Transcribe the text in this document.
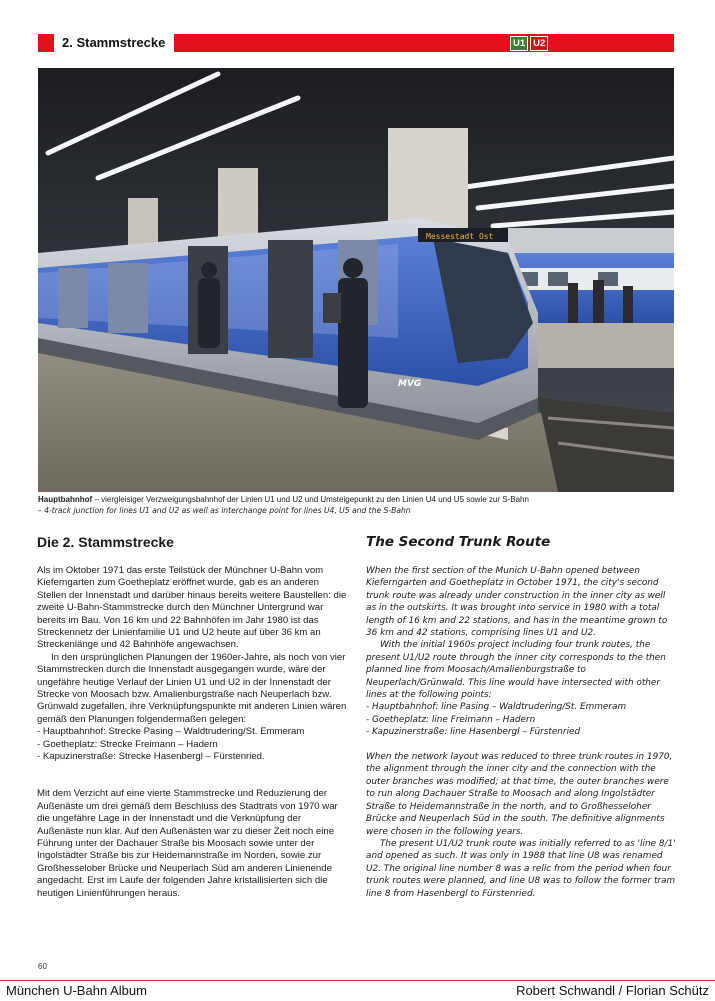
2. Stammstrecke	U1 U2
Messestadt Ost
MVG
Hauptbahnhof – viergleisiger Verzweigungsbahnhof der Linien U1 und U2 und Umsteigepunkt zu den Linien U4 und U5 sowie zur S-Bahn
– 4-track junction for lines U1 and U2 as well as interchange point for lines U4, U5 and the S-Bahn
Die 2. Stammstrecke

Als im Oktober 1971 das erste Teilstück der Münchner U-Bahn vom Kieferngarten zum Goetheplatz eröffnet wurde, gab es an anderen Stellen der Innenstadt und darüber hinaus bereits weitere Baustellen: die zweite U-Bahn-Stammstrecke durch den Münchner Untergrund war bereits im Bau. Von 16 km und 22 Bahnhöfen im Jahr 1980 ist das Streckennetz der Linienfamilie U1 und U2 heute auf über 36 km an Streckenlänge und 42 Bahnhöfe angewachsen.

In den ursprünglichen Planungen der 1960er-Jahre, als noch von vier Stammstrecken durch die Innenstadt ausgegangen wurde, wäre der ungefähre heutige Verlauf der Linien U1 und U2 in der Innenstadt der Strecke von Moosach bzw. Amalienburgstraße nach Neuperlach bzw. Grünwald zugefallen, ihre Verknüpfungspunkte mit anderen Linien wären gemäß den Planungen folgendermaßen gelegen:

- Hauptbahnhof: Strecke Pasing – Waldtrudering/St. Emmeram

- Goetheplatz: Strecke Freimann – Hadern

- Kapuzinerstraße: Strecke Hasenbergl – Fürstenried.

Mit dem Verzicht auf eine vierte Stammstrecke und Reduzierung der Außenäste um drei gemäß dem Beschluss des Stadtrats von 1970 war die ungefähre Lage in der Innenstadt und die Verknüpfung der Außenäste nun klar. Auf den Außenästen war zu dieser Zeit noch eine Führung unter der Dachauer Straße bis Moosach sowie unter der Ingolstädter Straße bis zur Heidemannstraße im Norden, sowie zur Großhesselober Brücke und Neuperlach Süd am anderen Linienende angedacht. Erst im Laufe der folgenden Jahre kristallisierten sich die heutigen Linienführungen heraus.

The Second Trunk Route

When the first section of the Munich U-Bahn opened between Kieferngarten and Goetheplatz in October 1971, the city's second trunk route was already under construction in the inner city as well as in the outskirts. It was brought into service in 1980 with a total length of 16 km and 22 stations, and has in the meantime grown to 36 km and 42 stations, comprising lines U1 and U2.

With the initial 1960s project including four trunk routes, the present U1/U2 route through the inner city corresponds to the then planned line from Moosach/Amalienburgstraße to Neuperlach/Grünwald. This line would have intersected with other lines at the following points:

- Hauptbahnhof: line Pasing – Waldtrudering/St. Emmeram

- Goetheplatz: line Freimann – Hadern

- Kapuzinerstraße: line Hasenbergl – Fürstenried

When the network layout was reduced to three trunk routes in 1970, the alignment through the inner city and the connection with the outer branches was modified; at that time, the outer branches were to run along Dachauer Straße to Moosach and along Ingolstädter Straße to Heidemannstraße in the north, and to Großhesseloher Brücke and Neuperlach Süd in the south. The definitive alignments were chosen in the following years.

The present U1/U2 trunk route was initially referred to as 'line 8/1' and opened as such. It was only in 1988 that line U8 was renamed U2. The original line number 8 was a relic from the period when four trunk routes were planned, and line U8 was to follow the former tram line 8 from Hasenbergl to Fürstenried.

60
München U-Bahn Album	Robert Schwandl / Florian Schütz
